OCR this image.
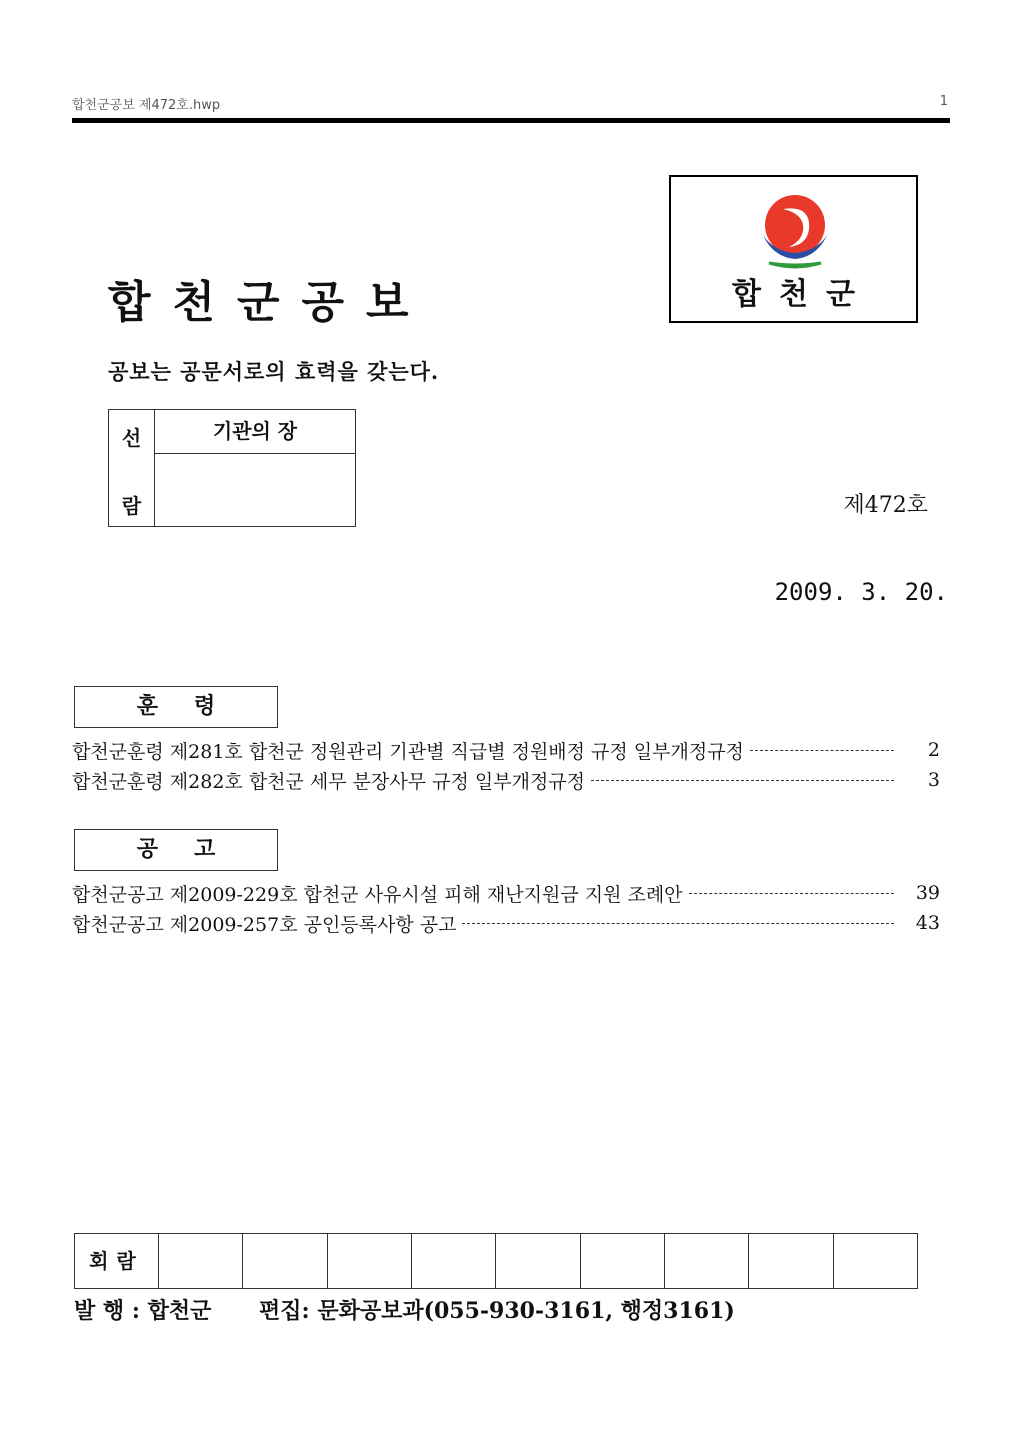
합천군공보 제472호.hwp	1
합천군공보	합천군
공보는 공문서로의 효력을 갖는다.
선
람
기관의 장
제472호
2009. 3. 20.
훈령
합천군훈령 제281호 합천군 정원관리 기관별 직급별 정원배정 규정 일부개정규정	2
합천군훈령 제282호 합천군 세무 분장사무 규정 일부개정규정	3
공고
합천군공고 제2009-229호 합천군 사유시설 피해 재난지원금 지원 조례안	39
합천군공고 제2009-257호 공인등록사항 공고	43
회람
발 행 : 합천군 편집: 문화공보과(055-930-3161, 행정3161)
